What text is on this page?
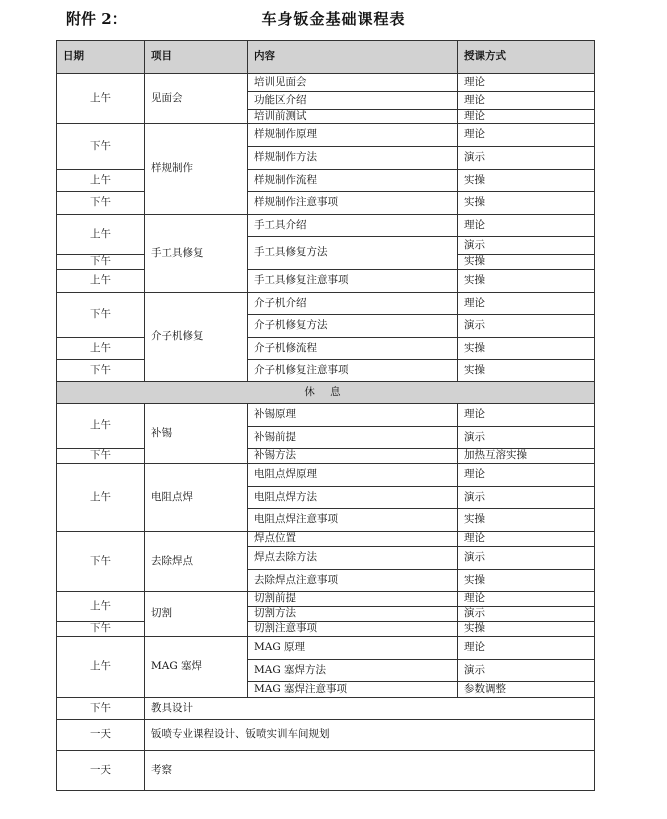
附件 2：	车身钣金基础课程表
日期	项目	内容	授课方式
上午	见面会	培训见面会	理论
		功能区介绍	理论
		培训前测试	理论
下午	样规制作	样规制作原理	理论
		样规制作方法	演示
上午		样规制作流程	实操
下午		样规制作注意事项	实操
上午	手工具修复	手工具介绍	理论
		手工具修复方法	演示
下午			实操
上午		手工具修复注意事项	实操
下午	介子机修复	介子机介绍	理论
		介子机修复方法	演示
上午		介子机修流程	实操
下午		介子机修复注意事项	实操
休 息			
上午	补锡	补锡原理	理论
		补锡前提	演示
下午		补锡方法	加热互溶实操
上午	电阻点焊	电阻点焊原理	理论
		电阻点焊方法	演示
		电阻点焊注意事项	实操
下午	去除焊点	焊点位置	理论
		焊点去除方法	演示
		去除焊点注意事项	实操
上午	切割	切割前提	理论
		切割方法	演示
下午		切割注意事项	实操
上午	MAG 塞焊	MAG 原理	理论
		MAG 塞焊方法	演示
		MAG 塞焊注意事项	参数调整
下午	教具设计		
一天	钣喷专业课程设计、钣喷实训车间规划		
一天	考察		
